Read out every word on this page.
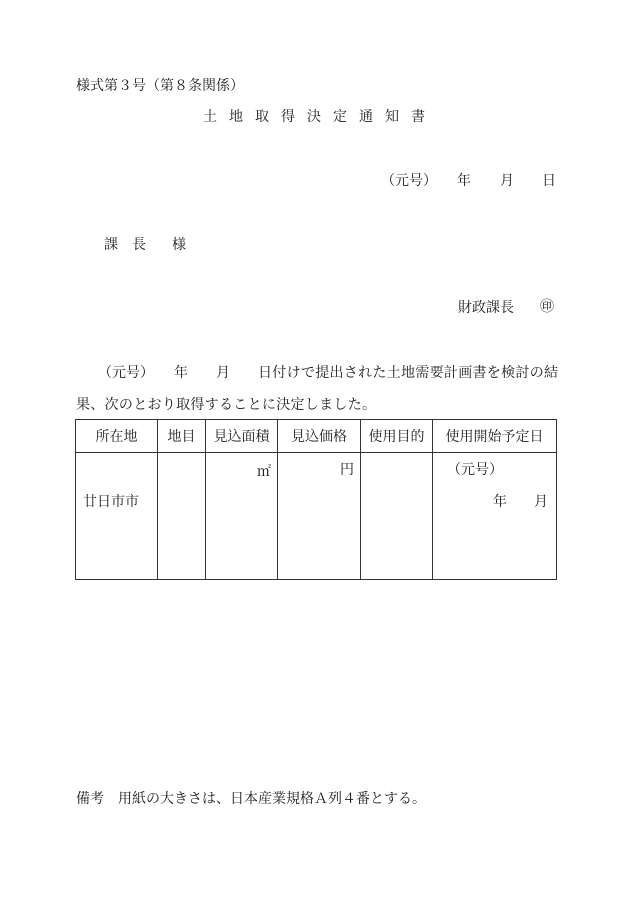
様式第３号（第８条関係）
土地取得決定通知書
（元号） 年 月 日
課　長 様
財政課長 ㊞
（元号） 年 月 日付けで提出された土地需要計画書を検討の結
果、次のとおり取得することに決定しました。
所在地	地目	見込面積	見込価格	使用目的	使用開始予定日

廿日市市		㎡	円		（元号）
年 月
備考　用紙の大きさは、日本産業規格Ａ列４番とする。
